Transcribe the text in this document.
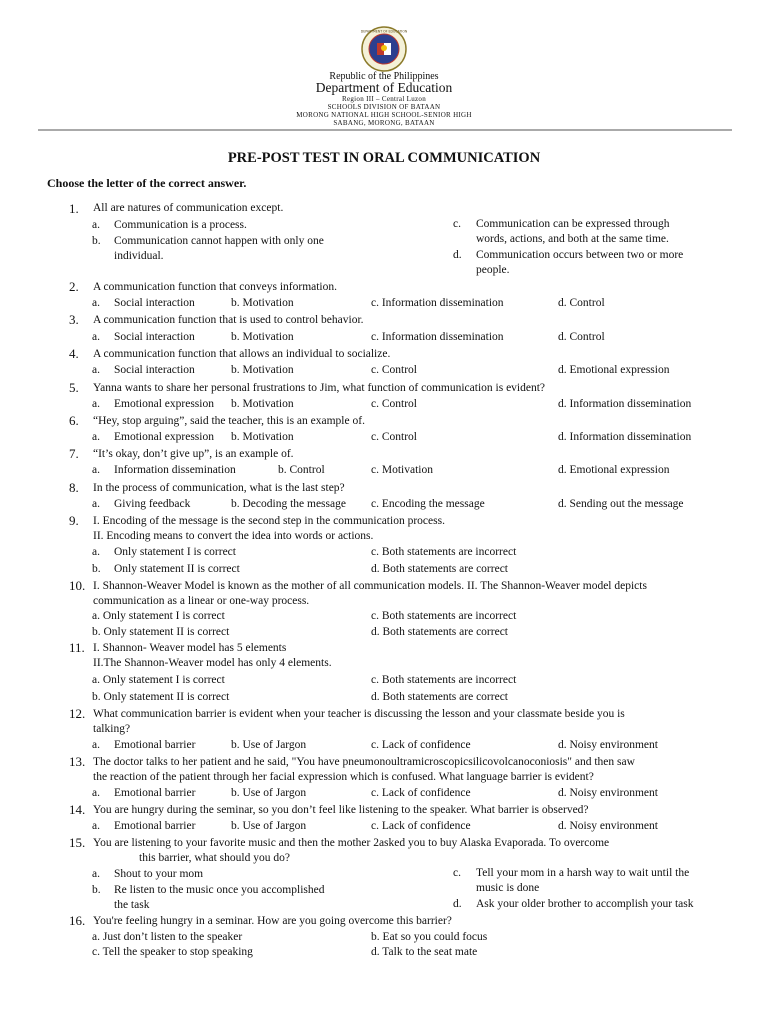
DEPARTMENT OF EDUCATION
Republic of the Philippines
Department of Education
Region III – Central Luzon
SCHOOLS DIVISION OF BATAAN
MORONG NATIONAL HIGH SCHOOL-SENIOR HIGH
SABANG, MORONG, BATAAN
PRE-POST TEST IN ORAL COMMUNICATION
Choose the letter of the correct answer.
1. All are natures of communication except.
a. Communication is a process.
b. Communication cannot happen with only one
individual.
c. Communication can be expressed through
words, actions, and both at the same time.
d. Communication occurs between two or more
people.
2. A communication function that conveys information.
a. Social interaction	b. Motivation	c. Information dissemination	d. Control
3. A communication function that is used to control behavior.
a. Social interaction	b. Motivation	c. Information dissemination	d. Control
4. A communication function that allows an individual to socialize.
a. Social interaction	b. Motivation	c. Control	d. Emotional expression
5. Yanna wants to share her personal frustrations to Jim, what function of communication is evident?
a. Emotional expression b. Motivation	c. Control	d. Information dissemination
6. “Hey, stop arguing”, said the teacher, this is an example of.
a. Emotional expression b. Motivation	c. Control	d. Information dissemination
7. “It’s okay, don’t give up”, is an example of.
a. Information dissemination	b. Control	c. Motivation	d. Emotional expression
8. In the process of communication, what is the last step?
a. Giving feedback	b. Decoding the message c. Encoding the message	d. Sending out the message
9. I. Encoding of the message is the second step in the communication process.
II. Encoding means to convert the idea into words or actions.
a. Only statement I is correct	c. Both statements are incorrect
b. Only statement II is correct	d. Both statements are correct
10. I. Shannon-Weaver Model is known as the mother of all communication models. II. The Shannon-Weaver model depicts
communication as a linear or one-way process.
a. Only statement I is correct	c. Both statements are incorrect
b. Only statement II is correct	d. Both statements are correct
11. I. Shannon- Weaver model has 5 elements
II.The Shannon-Weaver model has only 4 elements.
a. Only statement I is correct	c. Both statements are incorrect
b. Only statement II is correct	d. Both statements are correct
12. What communication barrier is evident when your teacher is discussing the lesson and your classmate beside you is
talking?
a. Emotional barrier	b. Use of Jargon	c. Lack of confidence	d. Noisy environment
13. The doctor talks to her patient and he said, "You have pneumonoultramicroscopicsilicovolcanoconiosis" and then saw
the reaction of the patient through her facial expression which is confused. What language barrier is evident?
a. Emotional barrier	b. Use of Jargon	c. Lack of confidence	d. Noisy environment
14. You are hungry during the seminar, so you don’t feel like listening to the speaker. What barrier is observed?
a. Emotional barrier	b. Use of Jargon	c. Lack of confidence	d. Noisy environment
15. You are listening to your favorite music and then the mother 2asked you to buy Alaska Evaporada. To overcome
this barrier, what should you do?
a. Shout to your mom
b. Re listen to the music once you accomplished
the task
c. Tell your mom in a harsh way to wait until the
music is done
d. Ask your older brother to accomplish your task
16. You're feeling hungry in a seminar. How are you going overcome this barrier?
a. Just don’t listen to the speaker	b. Eat so you could focus
c. Tell the speaker to stop speaking	d. Talk to the seat mate
